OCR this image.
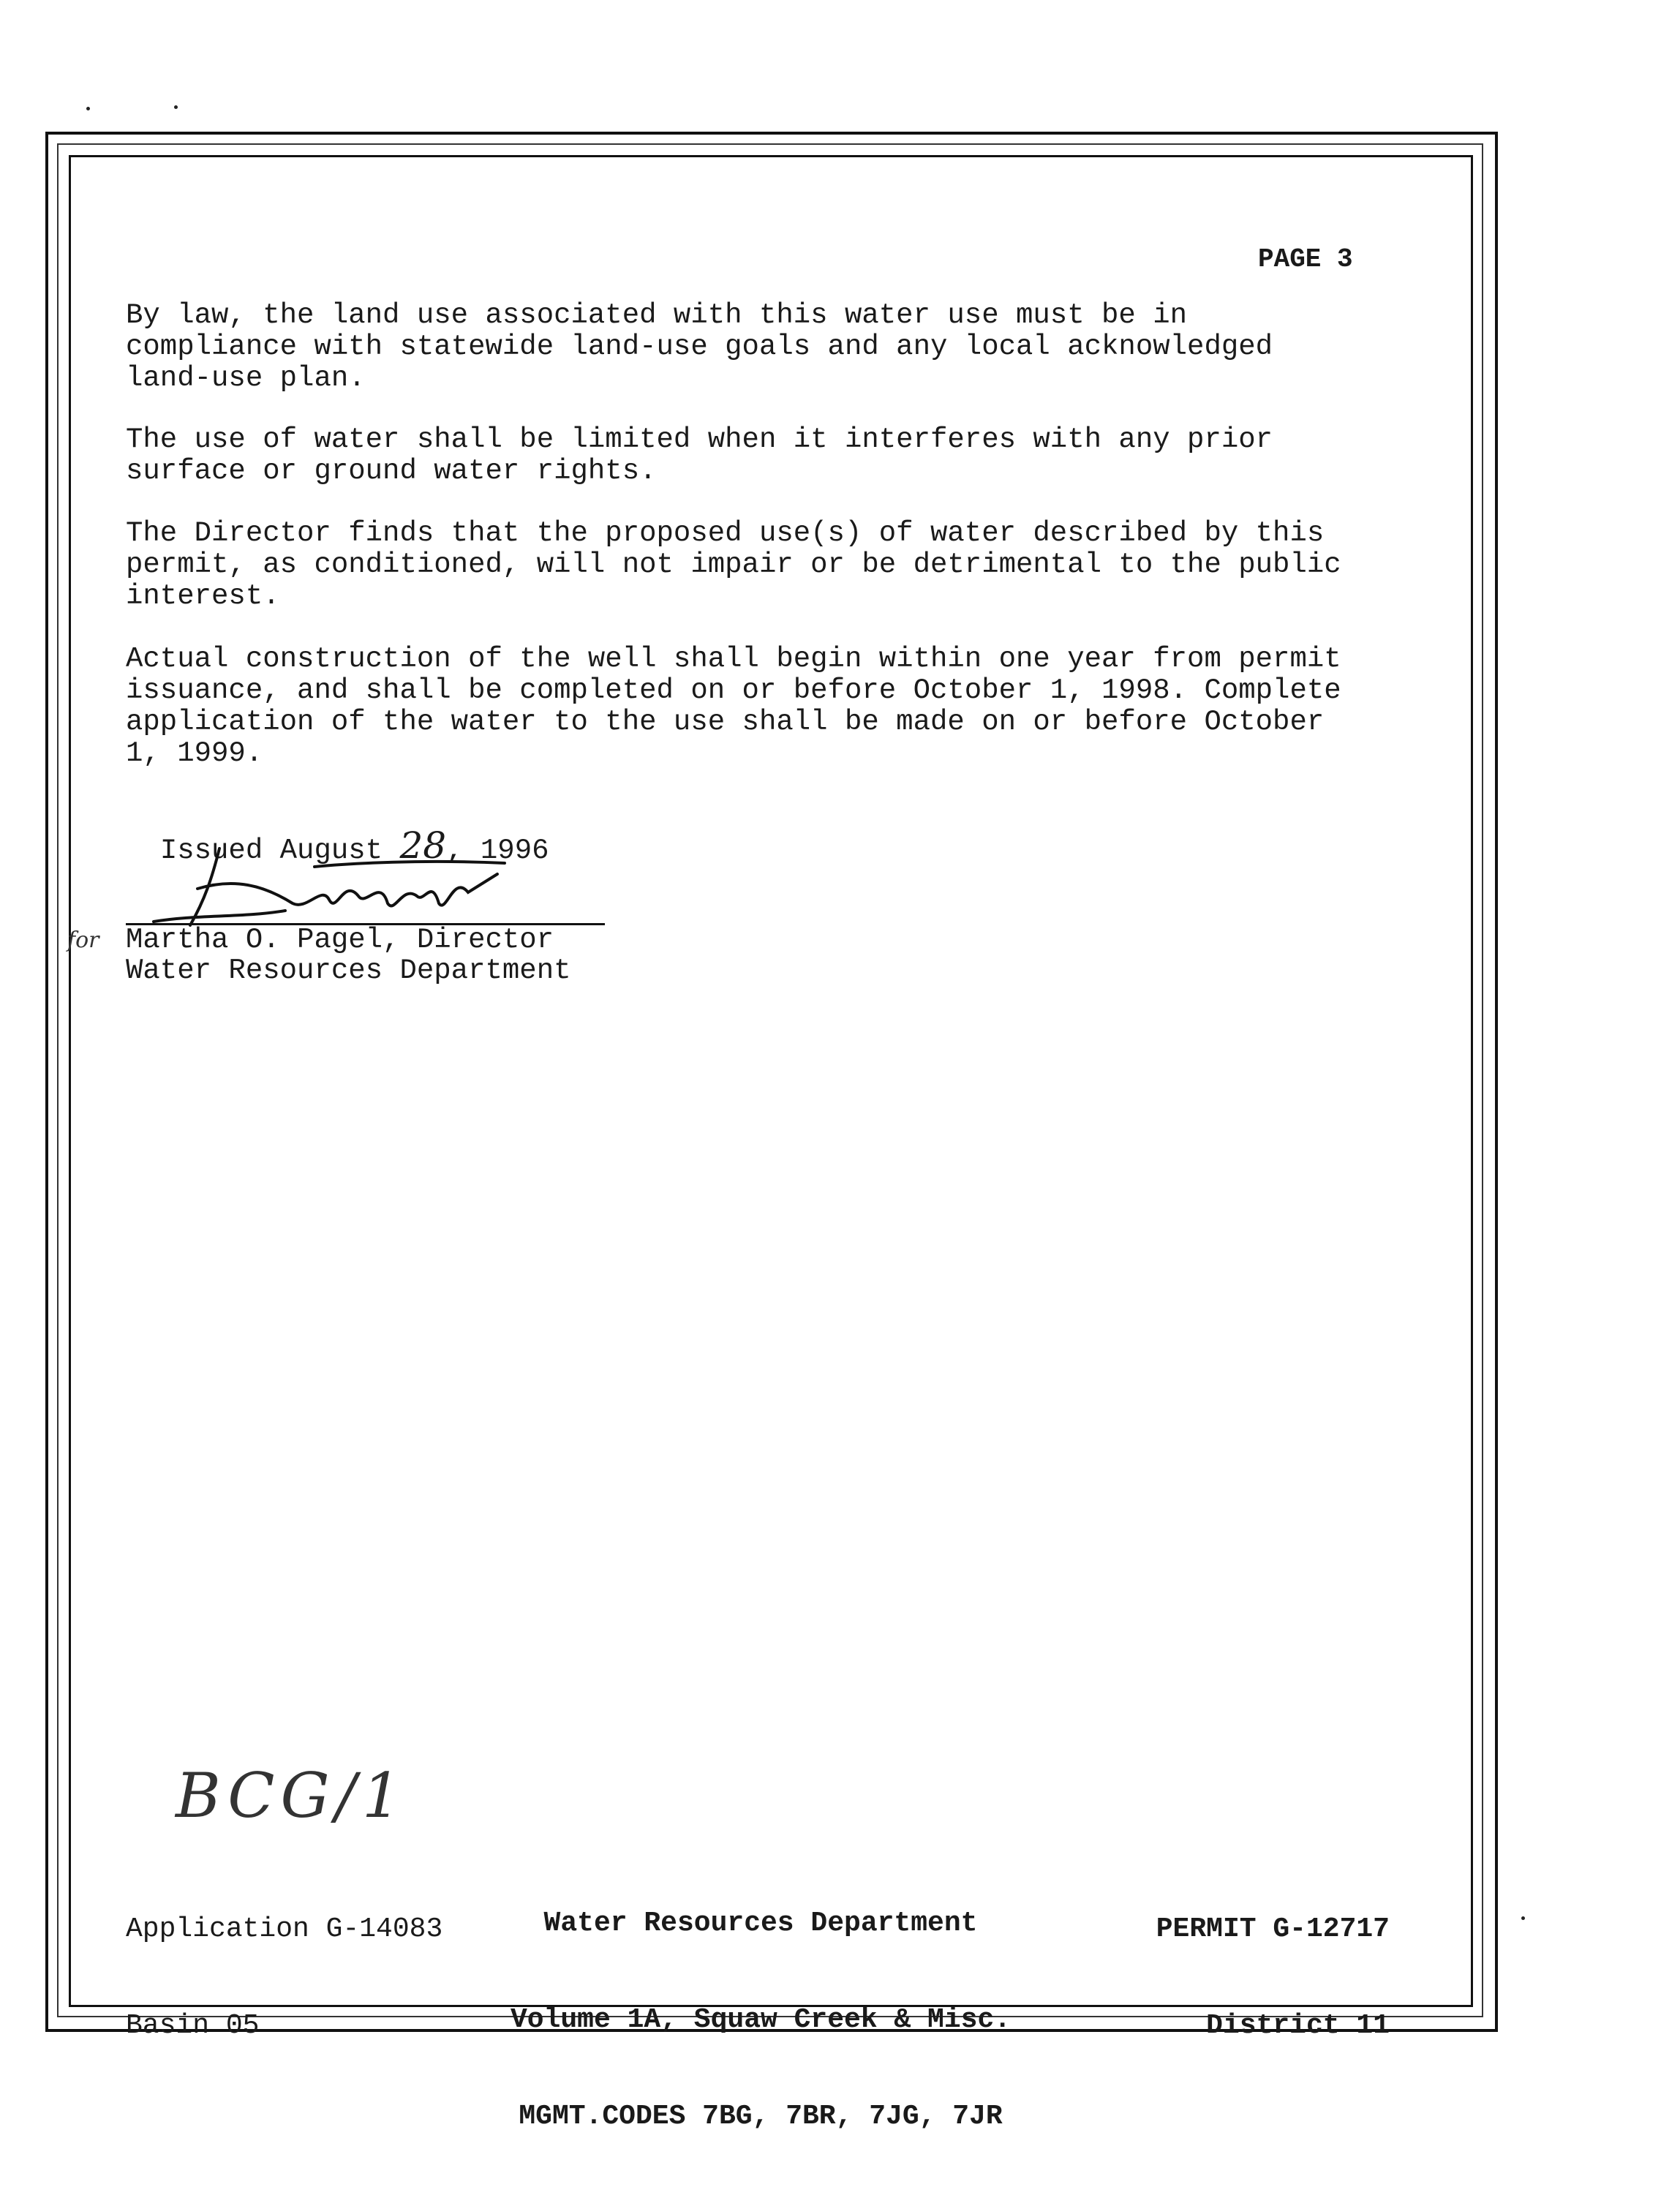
PAGE 3
By law, the land use associated with this water use must be in
compliance with statewide land-use goals and any local acknowledged
land-use plan.
The use of water shall be limited when it interferes with any prior
surface or ground water rights.
The Director finds that the proposed use(s) of water described by this
permit, as conditioned, will not impair or be detrimental to the public
interest.
Actual construction of the well shall begin within one year from permit
issuance, and shall be completed on or before October 1, 1998. Complete
application of the water to the use shall be made on or before October
1, 1999.

Issued August 28, 1996

for Martha O. Pagel, Director
Water Resources Department
BCG/1

Application G-14083

Basin 05

Water Resources Department

Volume 1A, Squaw Creek & Misc.

MGMT.CODES 7BG, 7BR, 7JG, 7JR

PERMIT G-12717

District 11
